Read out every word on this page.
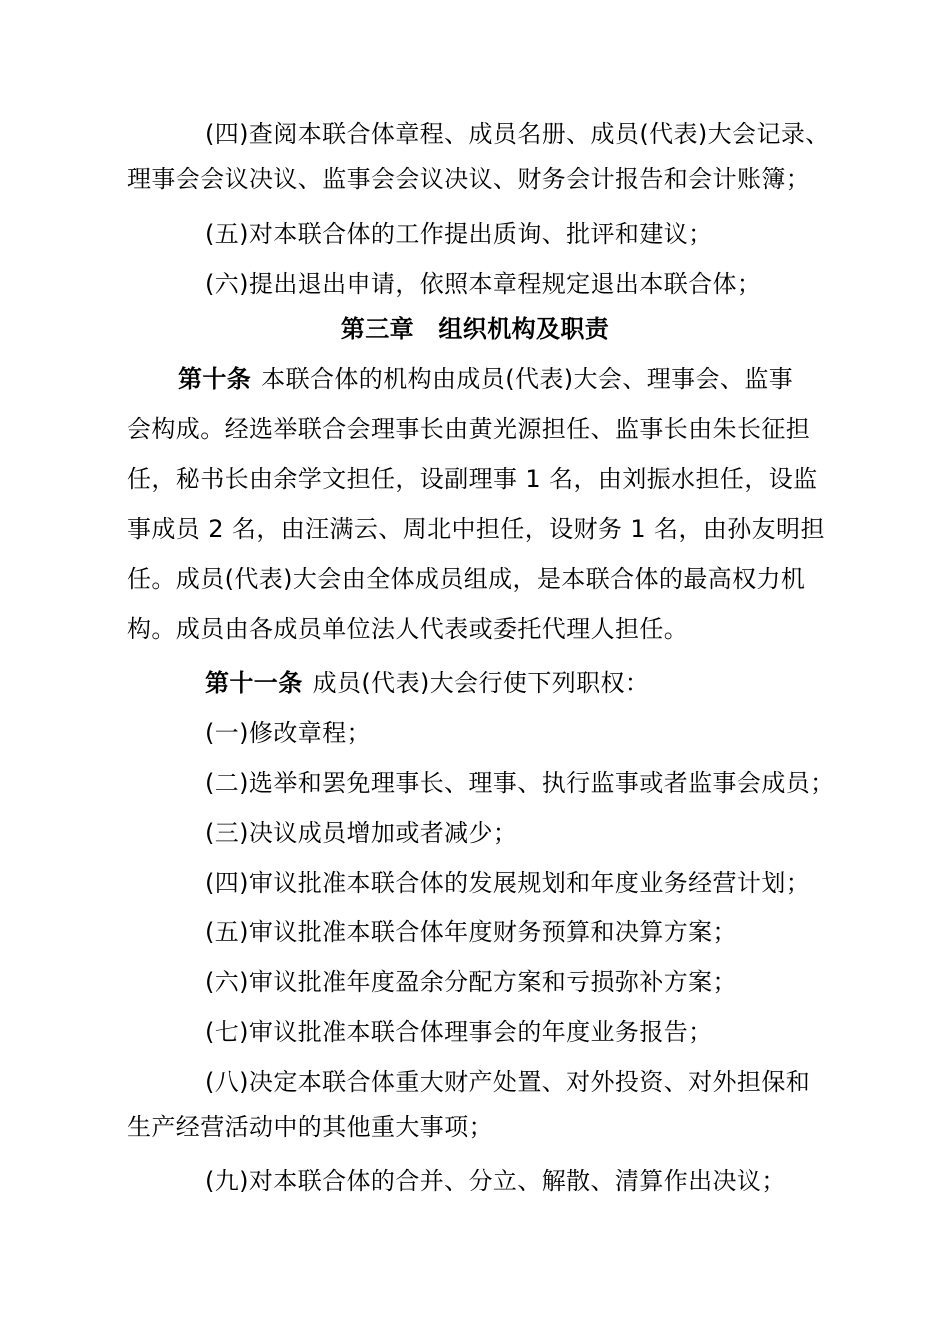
(四)查阅本联合体章程、成员名册、成员(代表)大会记录、
理事会会议决议、监事会会议决议、财务会计报告和会计账簿；
(五)对本联合体的工作提出质询、批评和建议；
(六)提出退出申请，依照本章程规定退出本联合体；
第三章　组织机构及职责
第十条 本联合体的机构由成员(代表)大会、理事会、监事
会构成。经选举联合会理事长由黄光源担任、监事长由朱长征担
任，秘书长由余学文担任，设副理事 1 名，由刘振水担任，设监
事成员 2 名，由汪满云、周北中担任，设财务 1 名，由孙友明担
任。成员(代表)大会由全体成员组成，是本联合体的最高权力机
构。成员由各成员单位法人代表或委托代理人担任。
第十一条 成员(代表)大会行使下列职权：
(一)修改章程；
(二)选举和罢免理事长、理事、执行监事或者监事会成员；
(三)决议成员增加或者减少；
(四)审议批准本联合体的发展规划和年度业务经营计划；
(五)审议批准本联合体年度财务预算和决算方案；
(六)审议批准年度盈余分配方案和亏损弥补方案；
(七)审议批准本联合体理事会的年度业务报告；
(八)决定本联合体重大财产处置、对外投资、对外担保和
生产经营活动中的其他重大事项；
(九)对本联合体的合并、分立、解散、清算作出决议；
